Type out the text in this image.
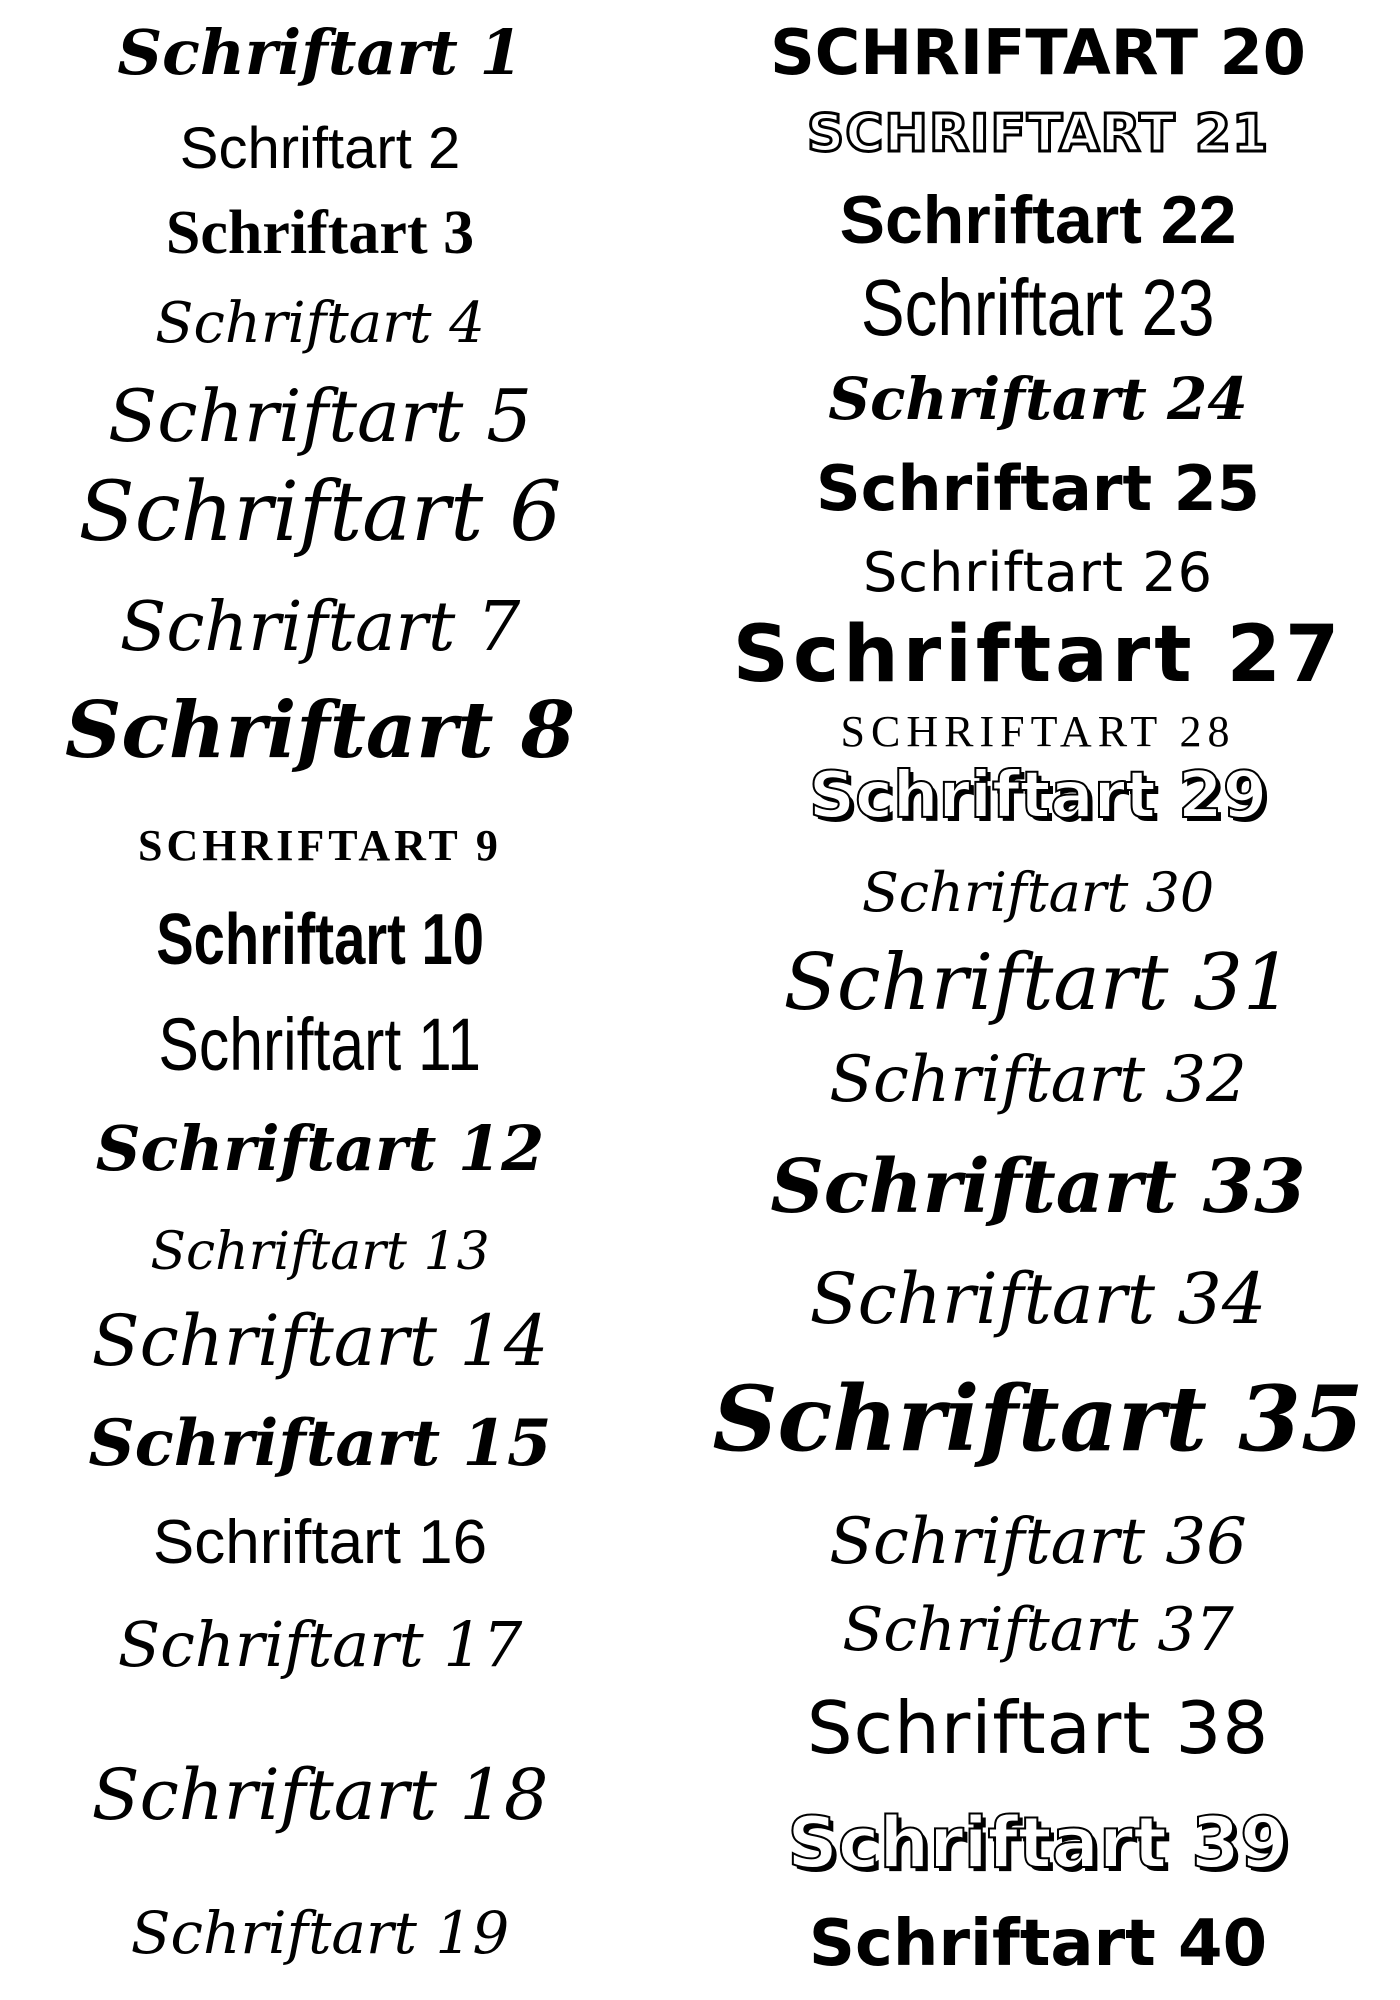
Schriftart 1
Schriftart 2
Schriftart 3
Schriftart 4
Schriftart 5
Schriftart 6
Schriftart 7
Schriftart 8
SCHRIFTART 9
Schriftart 10
Schriftart 11
Schriftart 12
Schriftart 13
Schriftart 14
Schriftart 15
Schriftart 16
Schriftart 17
Schriftart 18
Schriftart 19
SCHRIFTART 20
SCHRIFTART 21
Schriftart 22
Schriftart 23
Schriftart 24
Schriftart 25
Schriftart 26
Schriftart 27
SCHRIFTART 28
Schriftart 29
Schriftart 30
Schriftart 31
Schriftart 32
Schriftart 33
Schriftart 34
Schriftart 35
Schriftart 36
Schriftart 37
Schriftart 38
Schriftart 39
Schriftart 40
